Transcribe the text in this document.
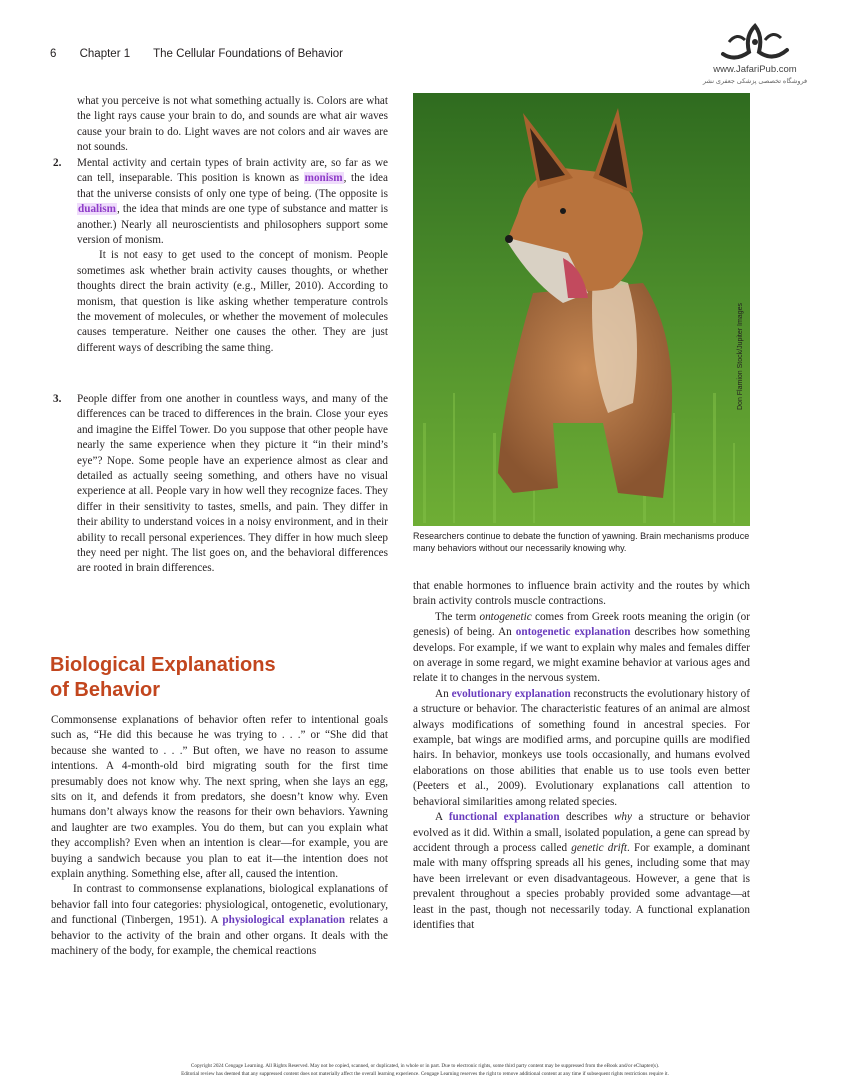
6 Chapter 1 The Cellular Foundations of Behavior
www.JafariPub.com
فروشگاه تخصصی پزشکی جعفری نشر

what you perceive is not what something actually is. Colors are what the light rays cause your brain to do, and sounds are what air waves cause your brain to do. Light waves are not colors and air waves are not sounds.

2. Mental activity and certain types of brain activity are, so far as we can tell, inseparable. This position is known as monism, the idea that the universe consists of only one type of being. (The opposite is dualism, the idea that minds are one type of substance and matter is another.) Nearly all neuroscientists and philosophers support some version of monism.

It is not easy to get used to the concept of monism. People sometimes ask whether brain activity causes thoughts, or whether thoughts direct the brain activity (e.g., Miller, 2010). According to monism, that question is like asking whether temperature controls the movement of molecules, or whether the movement of molecules causes temperature. Neither one causes the other. They are just different ways of describing the same thing.

3. People differ from one another in countless ways, and many of the differences can be traced to differences in the brain. Close your eyes and imagine the Eiffel Tower. Do you suppose that other people have nearly the same experience when they picture it “in their mind’s eye”? Nope. Some people have an experience almost as clear and detailed as actually seeing something, and others have no visual experience at all. People vary in how well they recognize faces. They differ in their sensitivity to tastes, smells, and pain. They differ in their ability to understand voices in a noisy environment, and in their ability to recall personal experiences. They differ in how much sleep they need per night. The list goes on, and the behavioral differences are rooted in brain differences.

Biological Explanations
of Behavior

Commonsense explanations of behavior often refer to intentional goals such as, “He did this because he was trying to . . .” or “She did that because she wanted to . . .” But often, we have no reason to assume intentions. A 4-month-old bird migrating south for the first time presumably does not know why. The next spring, when she lays an egg, sits on it, and defends it from predators, she doesn’t know why. Even humans don’t always know the reasons for their own behaviors. Yawning and laughter are two examples. You do them, but can you explain what they accomplish? Even when an intention is clear—for example, you are buying a sandwich because you plan to eat it—the intention does not explain anything. Something else, after all, caused the intention.

In contrast to commonsense explanations, biological explanations of behavior fall into four categories: physiological, ontogenetic, evolutionary, and functional (Tinbergen, 1951). A physiological explanation relates a behavior to the activity of the brain and other organs. It deals with the machinery of the body, for example, the chemical reactions

Don Flamion Stock/Jupiter Images
Researchers continue to debate the function of yawning. Brain mechanisms produce many behaviors without our necessarily knowing why.

that enable hormones to influence brain activity and the routes by which brain activity controls muscle contractions.

The term ontogenetic comes from Greek roots meaning the origin (or genesis) of being. An ontogenetic explanation describes how something develops. For example, if we want to explain why males and females differ on average in some regard, we might examine behavior at various ages and relate it to changes in the nervous system.

An evolutionary explanation reconstructs the evolutionary history of a structure or behavior. The characteristic features of an animal are almost always modifications of something found in ancestral species. For example, bat wings are modified arms, and porcupine quills are modified hairs. In behavior, monkeys use tools occasionally, and humans evolved elaborations on those abilities that enable us to use tools even better (Peeters et al., 2009). Evolutionary explanations call attention to behavioral similarities among related species.

A functional explanation describes why a structure or behavior evolved as it did. Within a small, isolated population, a gene can spread by accident through a process called genetic drift. For example, a dominant male with many offspring spreads all his genes, including some that may have been irrelevant or even disadvantageous. However, a gene that is prevalent throughout a species probably provided some advantage—at least in the past, though not necessarily today. A functional explanation identifies that

Copyright 2024 Cengage Learning. All Rights Reserved. May not be copied, scanned, or duplicated, in whole or in part. Due to electronic rights, some third party content may be suppressed from the eBook and/or eChapter(s).
Editorial review has deemed that any suppressed content does not materially affect the overall learning experience. Cengage Learning reserves the right to remove additional content at any time if subsequent rights restrictions require it.
